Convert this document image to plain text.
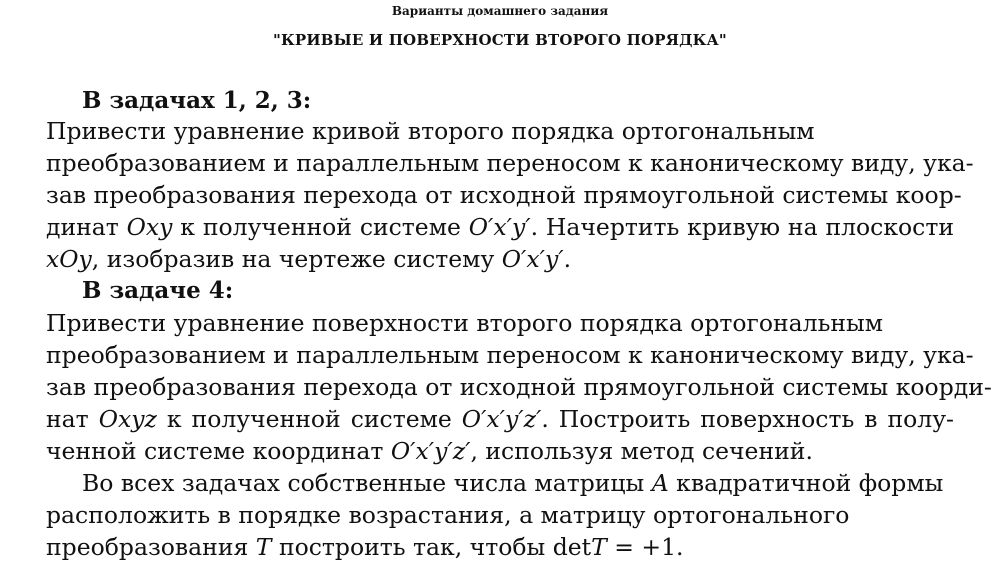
Варианты домашнего задания
"КРИВЫЕ И ПОВЕРХНОСТИ ВТОРОГО ПОРЯДКА"
В задачах 1, 2, 3:
Привести уравнение кривой второго порядка ортогональным
преобразованием и параллельным переносом к каноническому виду, ука-
зав преобразования перехода от исходной прямоугольной системы коор-
динат Oxy к полученной системе O′x′y′. Начертить кривую на плоскости
xOy, изобразив на чертеже систему O′x′y′.
В задаче 4:
Привести уравнение поверхности второго порядка ортогональным
преобразованием и параллельным переносом к каноническому виду, ука-
зав преобразования перехода от исходной прямоугольной системы коорди-
нат Oxyz к полученной системе O′x′y′z′. Построить поверхность в полу-
ченной системе координат O′x′y′z′, используя метод сечений.
Во всех задачах собственные числа матрицы A квадратичной формы
расположить в порядке возрастания, а матрицу ортогонального
преобразования T построить так, чтобы detT = +1.
